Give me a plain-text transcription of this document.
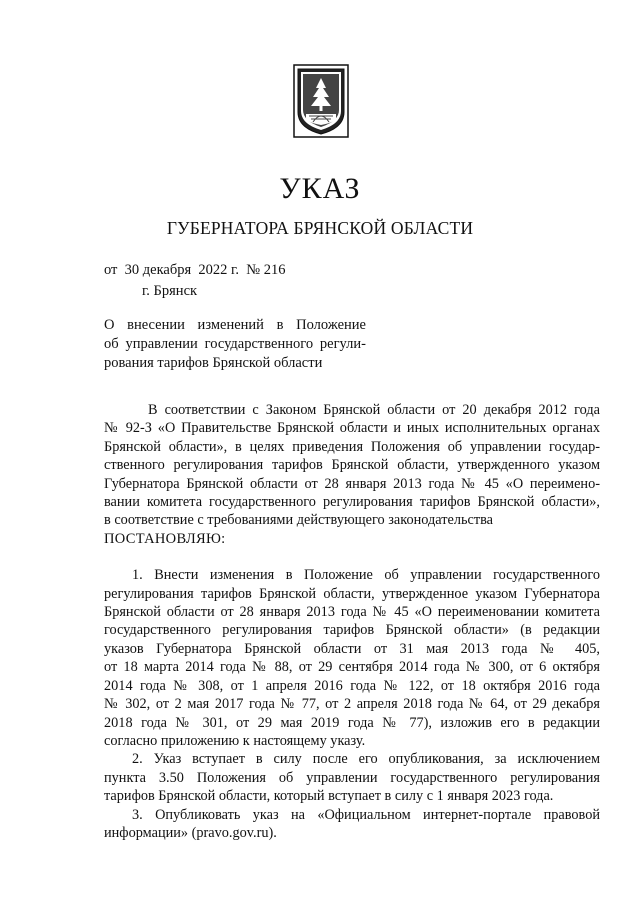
УКАЗ
ГУБЕРНАТОРА БРЯНСКОЙ ОБЛАСТИ
от 30 декабря  2022 г. № 216
г. Брянск
О внесении изменений в Положение
об управлении государственного регули-
рования тарифов Брянской области
В соответствии с Законом Брянской области от 20 декабря 2012 года
№ 92-З «О Правительстве Брянской области и иных исполнительных органах
Брянской области», в целях приведения Положения об управлении государ-
ственного регулирования тарифов Брянской области, утвержденного указом
Губернатора Брянской области от 28 января 2013 года № 45 «О переимено-
вании комитета государственного регулирования тарифов Брянской области»,
в соответствие с требованиями действующего законодательства
ПОСТАНОВЛЯЮ:
1. Внести изменения в Положение об управлении государственного
регулирования тарифов Брянской области, утвержденное указом Губернатора
Брянской области от 28 января 2013 года № 45 «О переименовании комитета
государственного регулирования тарифов Брянской области» (в редакции
указов Губернатора Брянской области от 31 мая 2013 года № 405,
от 18 марта 2014 года № 88, от 29 сентября 2014 года № 300, от 6 октября
2014 года № 308, от 1 апреля 2016 года № 122, от 18 октября 2016 года
№ 302, от 2 мая 2017 года № 77, от 2 апреля 2018 года № 64, от 29 декабря
2018 года № 301, от 29 мая 2019 года № 77), изложив его в редакции
согласно приложению к настоящему указу.
2. Указ вступает в силу после его опубликования, за исключением
пункта 3.50 Положения об управлении государственного регулирования
тарифов Брянской области, который вступает в силу с 1 января 2023 года.
3. Опубликовать указ на «Официальном интернет-портале правовой
информации» (pravo.gov.ru).
